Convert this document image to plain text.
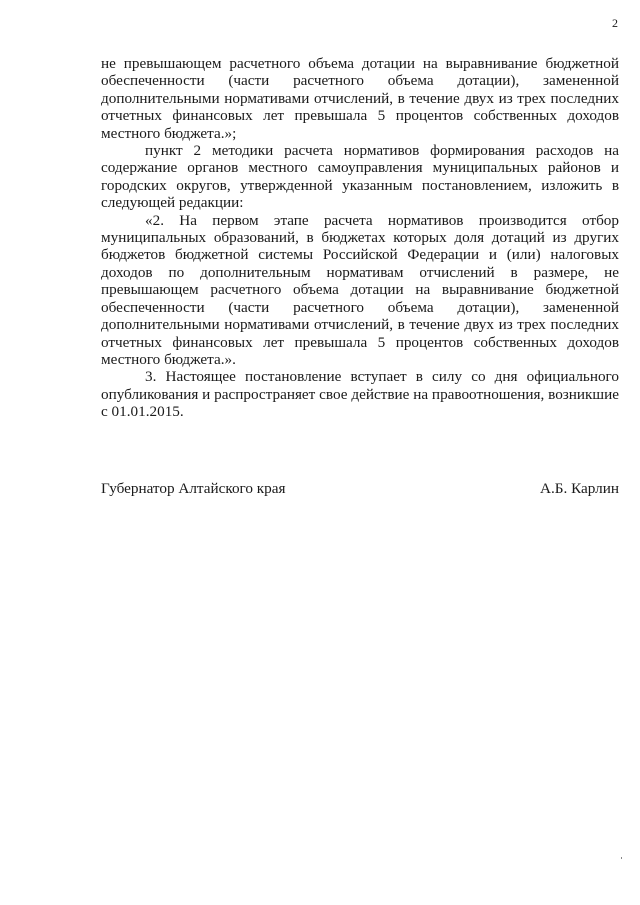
2

не превышающем расчетного объема дотации на выравнивание бюджетной обеспеченности (части расчетного объема дотации), замененной дополнительными нормативами отчислений, в течение двух из трех последних отчетных финансовых лет превышала 5 процентов собственных доходов местного бюджета.»;

пункт 2 методики расчета нормативов формирования расходов на содержание органов местного самоуправления муниципальных районов и городских округов, утвержденной указанным постановлением, изложить в следующей редакции:

«2. На первом этапе расчета нормативов производится отбор муниципальных образований, в бюджетах которых доля дотаций из других бюджетов бюджетной системы Российской Федерации и (или) налоговых доходов по дополнительным нормативам отчислений в размере, не превышающем расчетного объема дотации на выравнивание бюджетной обеспеченности (части расчетного объема дотации), замененной дополнительными нормативами отчислений, в течение двух из трех последних отчетных финансовых лет превышала 5 процентов собственных доходов местного бюджета.».

3. Настоящее постановление вступает в силу со дня официального опубликования и распространяет свое действие на правоотношения, возникшие с 01.01.2015.

Губернатор Алтайского края	А.Б. Карлин
